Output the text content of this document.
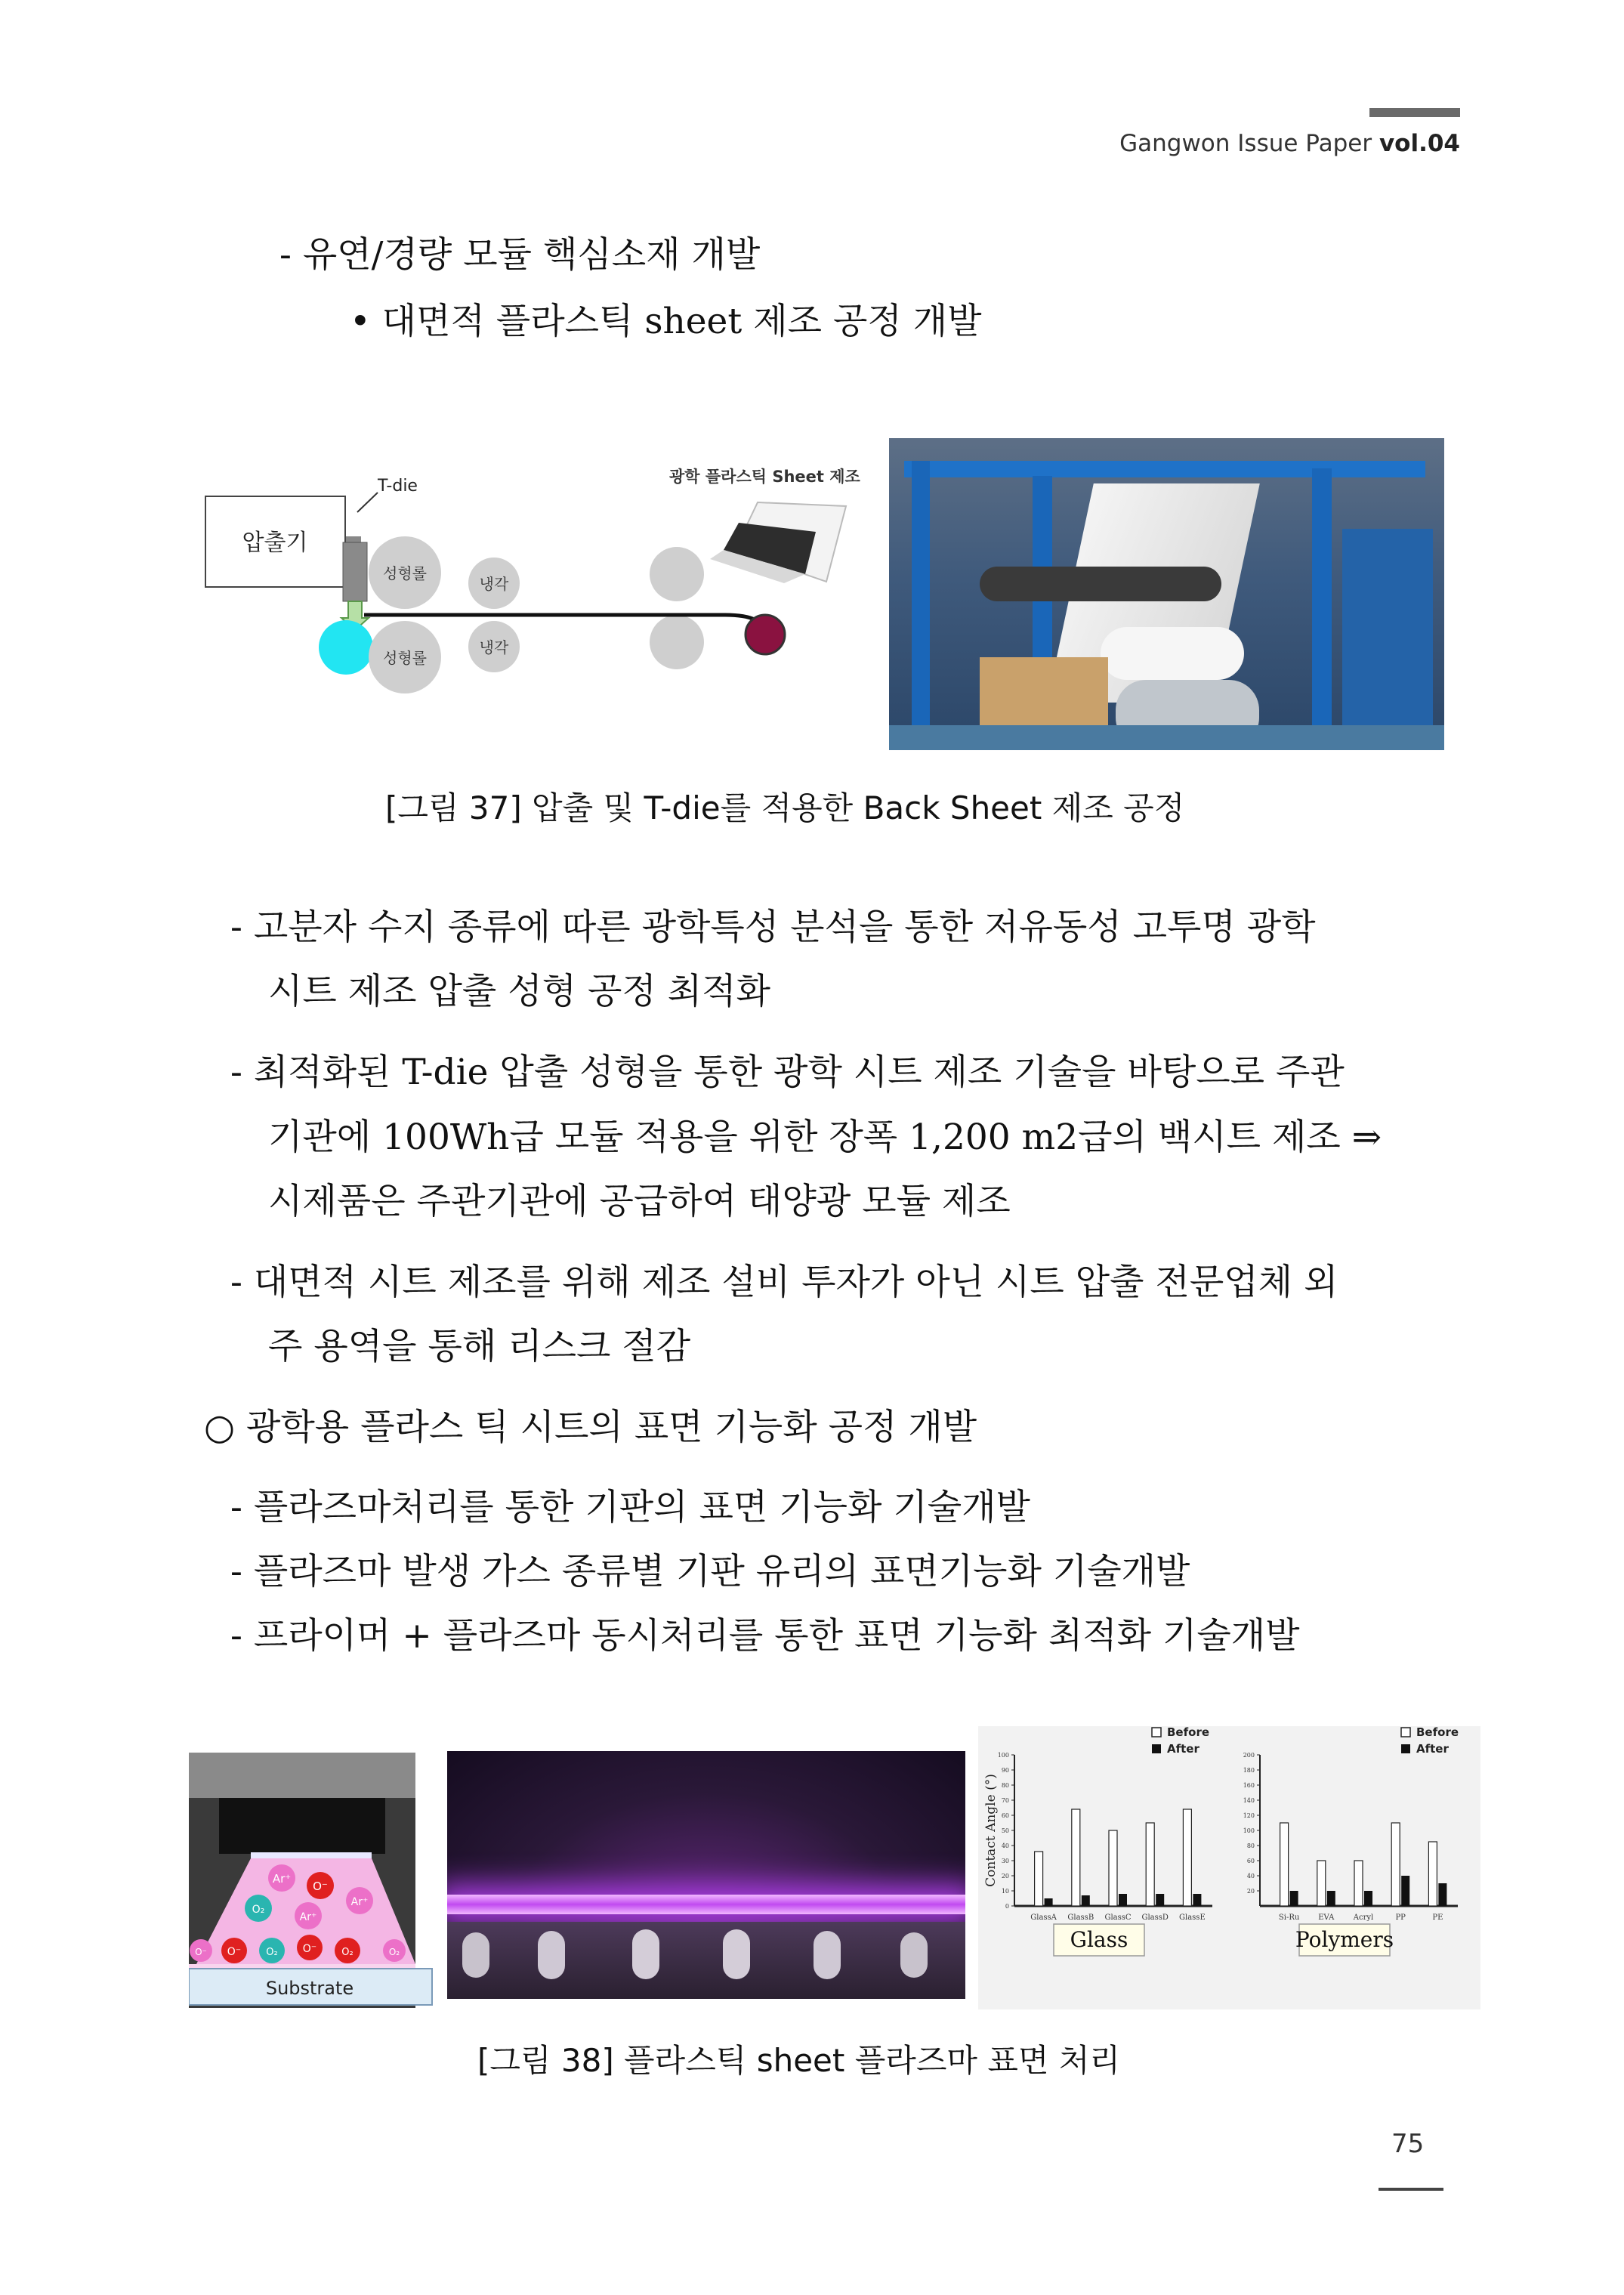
Gangwon Issue Paper vol.04
- 유연/경량 모듈 핵심소재 개발
• 대면적 플라스틱 sheet 제조 공정 개발
압출기
T-die
성형롤
성형롤
냉각
냉각
광학 플라스틱 Sheet 제조
[그림 37] 압출 및 T-die를 적용한 Back Sheet 제조 공정
- 고분자 수지 종류에 따른 광학특성 분석을 통한 저유동성 고투명 광학
시트 제조 압출 성형 공정 최적화
- 최적화된 T-die 압출 성형을 통한 광학 시트 제조 기술을 바탕으로 주관
기관에 100Wh급 모듈 적용을 위한 장폭 1,200 m2급의 백시트 제조 ⇒
시제품은 주관기관에 공급하여 태양광 모듈 제조
- 대면적 시트 제조를 위해 제조 설비 투자가 아닌 시트 압출 전문업체 외
주 용역을 통해 리스크 절감
○ 광학용 플라스 틱 시트의 표면 기능화 공정 개발
- 플라즈마처리를 통한 기판의 표면 기능화 기술개발
- 플라즈마 발생 가스 종류별 기판 유리의 표면기능화 기술개발
- 프라이머 + 플라즈마 동시처리를 통한 표면 기능화 최적화 기술개발
Ar⁺
O⁻
O₂
Ar⁺
Ar⁺
O⁻	O₂ O⁻	O₂
O⁻	O₂
Substrate
Before
After
100
90
80
70
60
50
40
30
20
10
0
Contact Angle (°)
GlassA GlassB GlassC GlassD GlassE
Glass
Before
After
200
180
160
140
120
100
80
60
40
20
Si-Ru EVA	Acryl	PP	PE
Polymers
[그림 38] 플라스틱 sheet 플라즈마 표면 처리
75
